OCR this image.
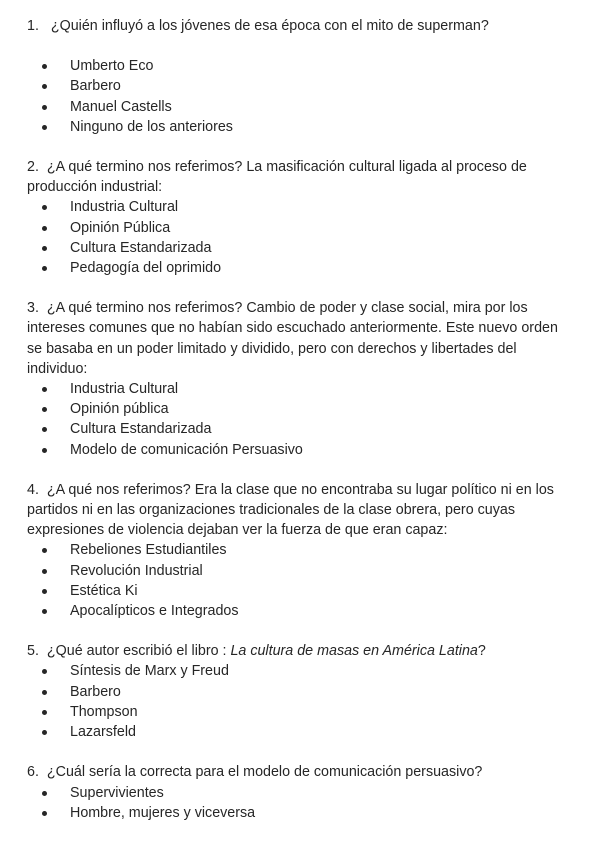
1. ¿Quién influyó a los jóvenes de esa época con el mito de superman?

Umberto Eco
Barbero
Manuel Castells
Ninguno de los anteriores

2. ¿A qué termino nos referimos? La masificación cultural ligada al proceso de producción industrial:

Industria Cultural
Opinión Pública
Cultura Estandarizada
Pedagogía del oprimido

3. ¿A qué termino nos referimos? Cambio de poder y clase social, mira por los intereses comunes que no habían sido escuchado anteriormente. Este nuevo orden se basaba en un poder limitado y dividido, pero con derechos y libertades del individuo:

Industria Cultural
Opinión pública
Cultura Estandarizada
Modelo de comunicación Persuasivo

4. ¿A qué nos referimos? Era la clase que no encontraba su lugar político ni en los partidos ni en las organizaciones tradicionales de la clase obrera, pero cuyas expresiones de violencia dejaban ver la fuerza de que eran capaz:

Rebeliones Estudiantiles
Revolución Industrial
Estética Ki
Apocalípticos e Integrados

5. ¿Qué autor escribió el libro : La cultura de masas en América Latina?

Síntesis de Marx y Freud
Barbero
Thompson
Lazarsfeld

6. ¿Cuál sería la correcta para el modelo de comunicación persuasivo?

Supervivientes
Hombre, mujeres y viceversa
